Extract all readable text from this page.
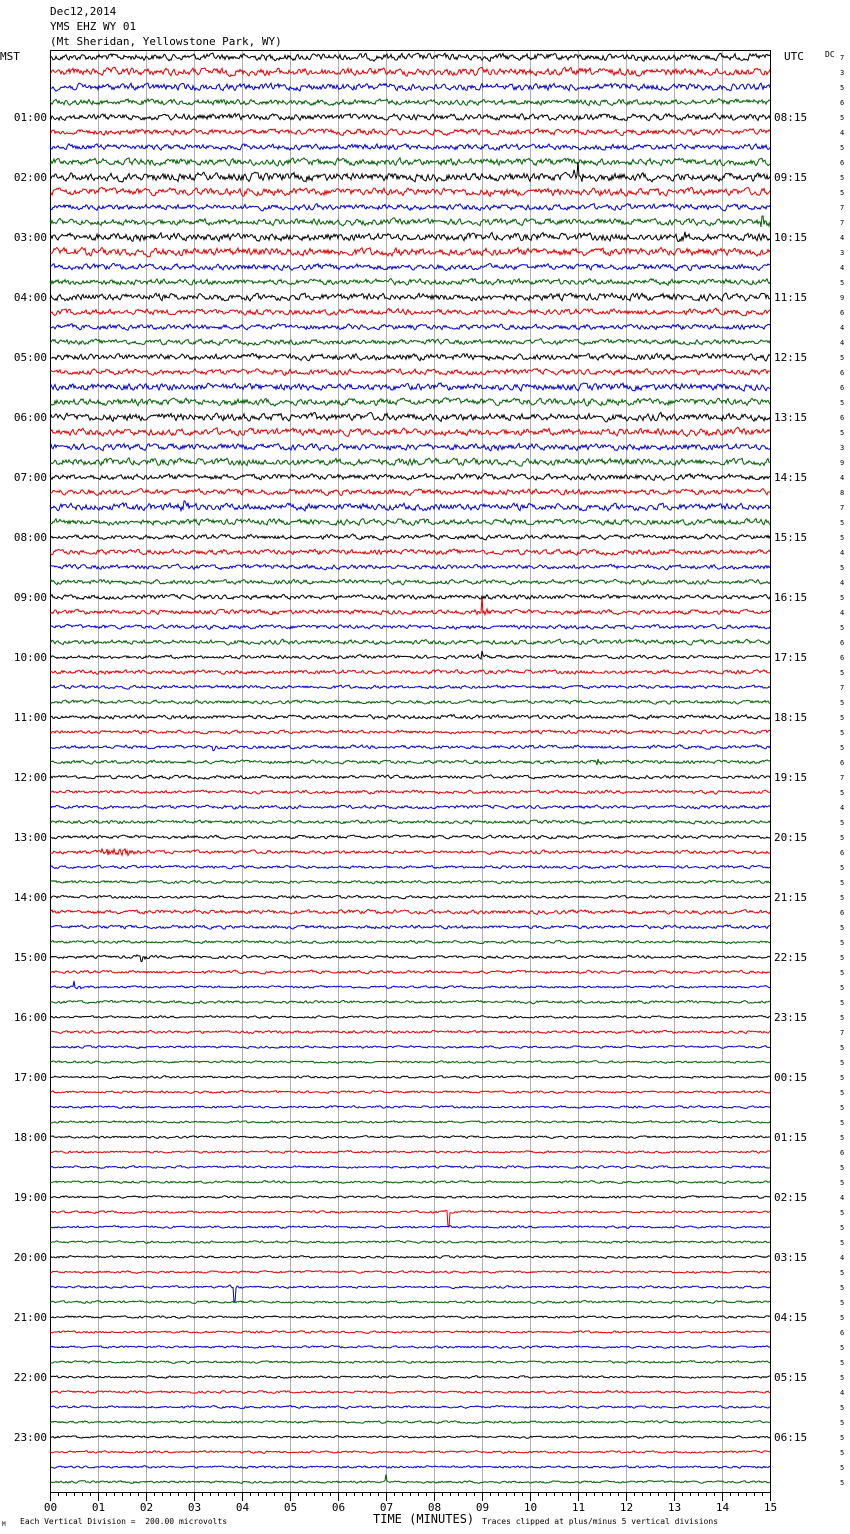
Dec12,2014
YMS EHZ WY 01
(Mt Sheridan, Yellowstone Park, WY)
MST	UTC	DC
00	01	02	03	04	05	06	07	08	09	10	11	12	13	14	15
01:00
02:00
03:00
04:00
05:00
06:00
07:00
08:00
09:00
10:00
11:00
12:00
13:00
14:00
15:00
16:00
17:00
18:00
19:00
20:00
21:00
22:00
23:00
08:15
09:15
10:15
11:15
12:15
13:15
14:15
15:15
16:15
17:15
18:15
19:15
20:15
21:15
22:15
23:15
00:15
01:15
02:15
03:15
04:15
05:15
06:15
7
3
5
6
5
4
5
6
5
5
7
7
4
3
4
5
9
6
4
4
5
6
6
5
6
5
3
9
4
8
7
5
5
4
5
4
5
4
5
6
6
5
7
5
5
5
5
6
7
5
4
5
5
6
5
5
5
6
5
5
5
5
5
5
5
7
5
5
5
5
5
5
5
6
5
5
4
5
5
5
4
5
5
5
5
6
5
5
5
4
5
5
5
5
5
5
TIME (MINUTES)
Each Vertical Division =  200.00 microvolts	Traces clipped at plus/minus 5 vertical divisions
M
